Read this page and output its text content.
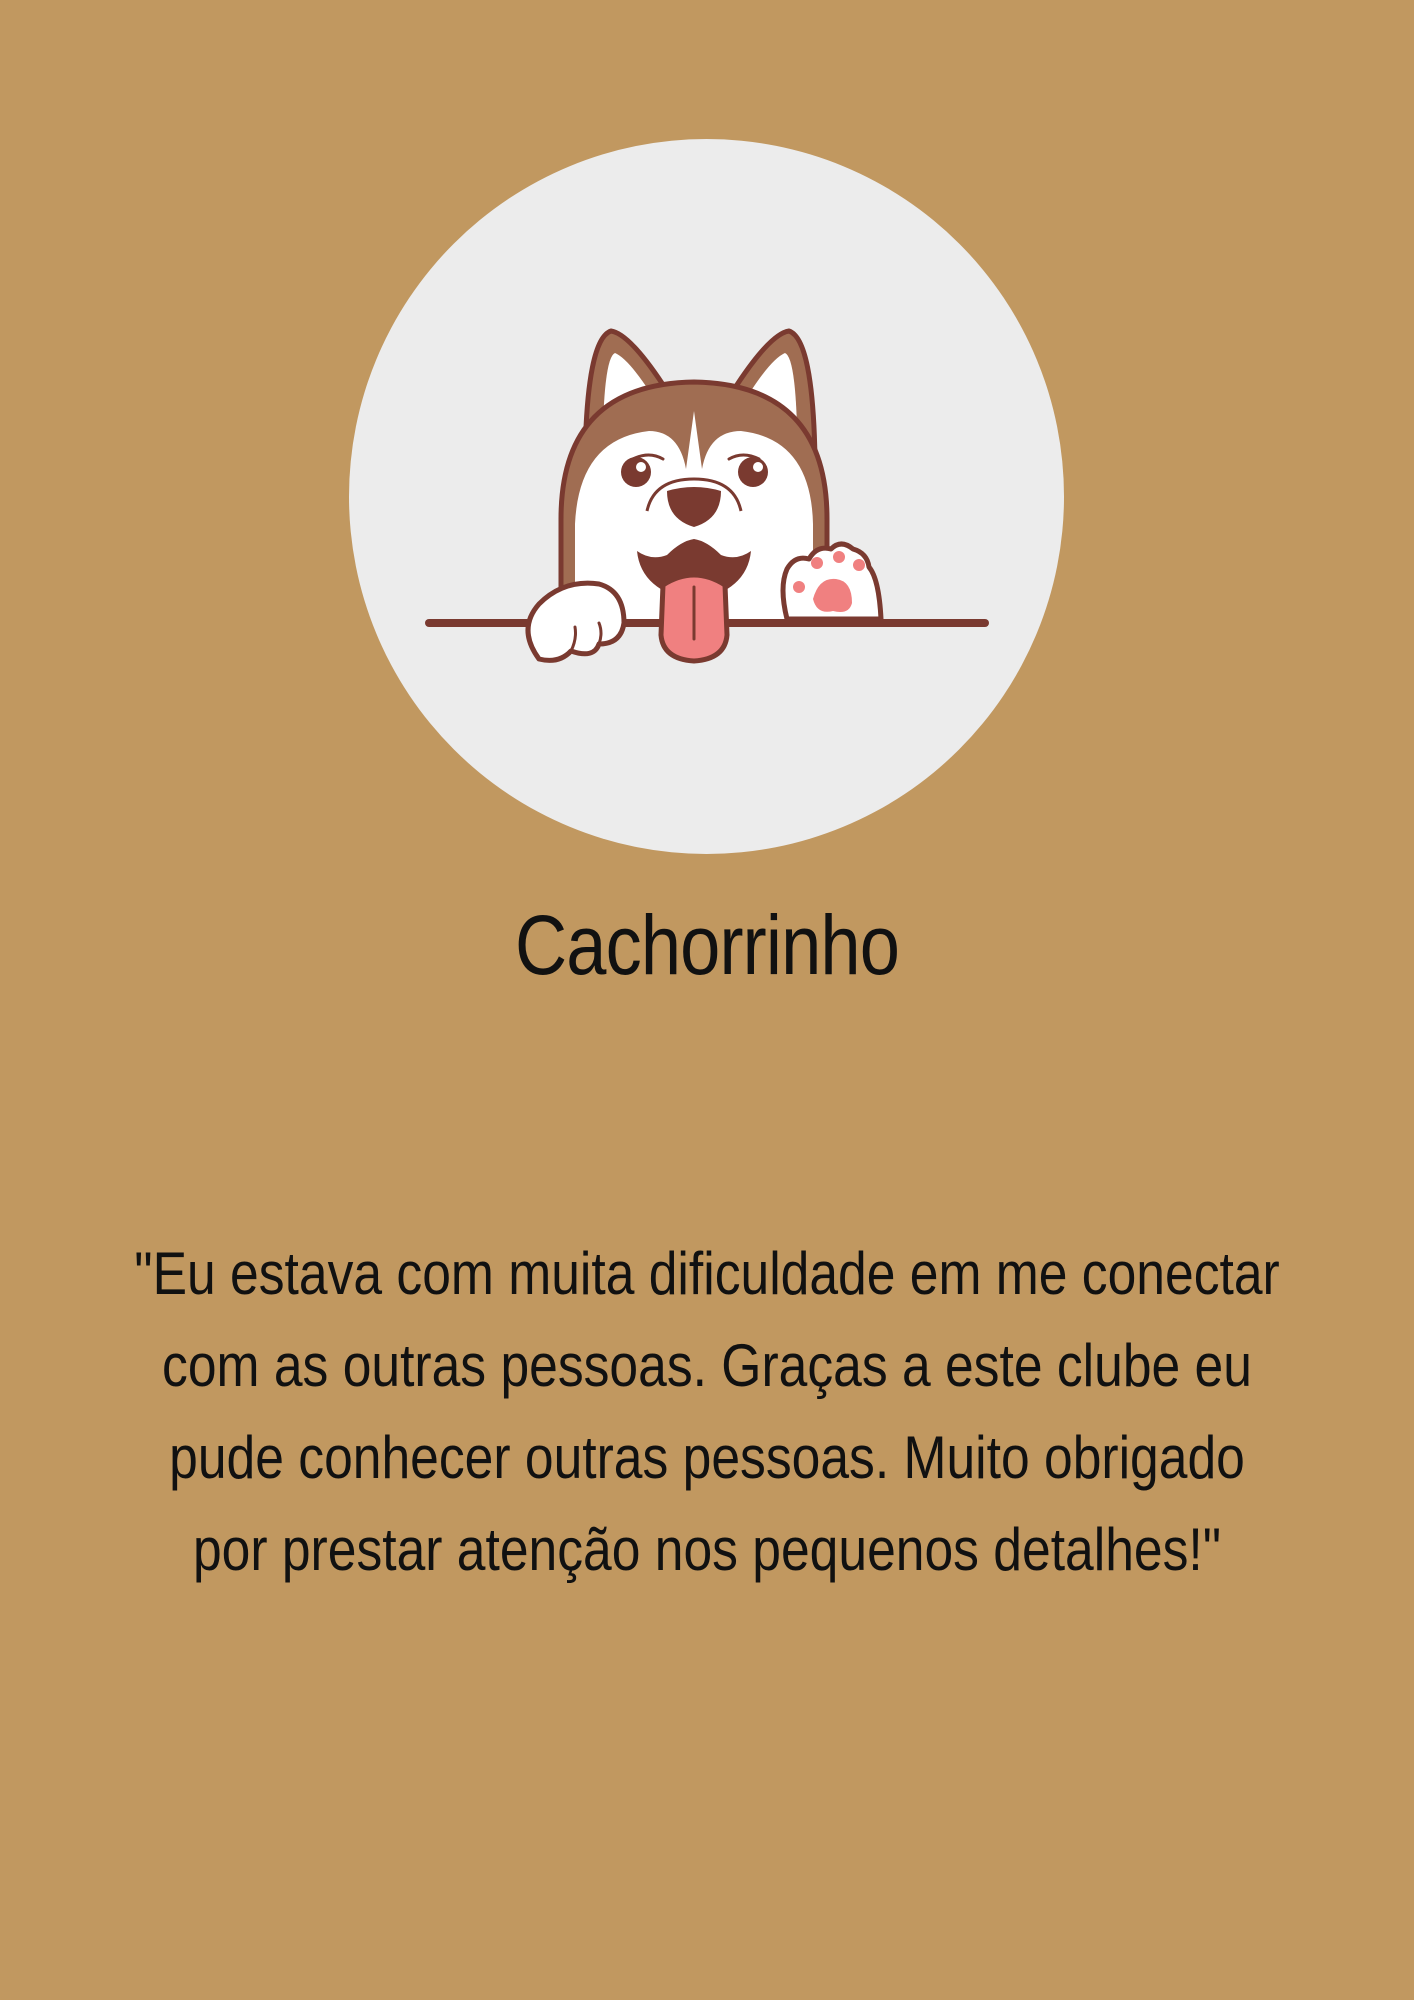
Cachorrinho

"Eu estava com muita dificuldade em me conectar com as outras pessoas. Graças a este clube eu pude conhecer outras pessoas. Muito obrigado por prestar atenção nos pequenos detalhes!"
